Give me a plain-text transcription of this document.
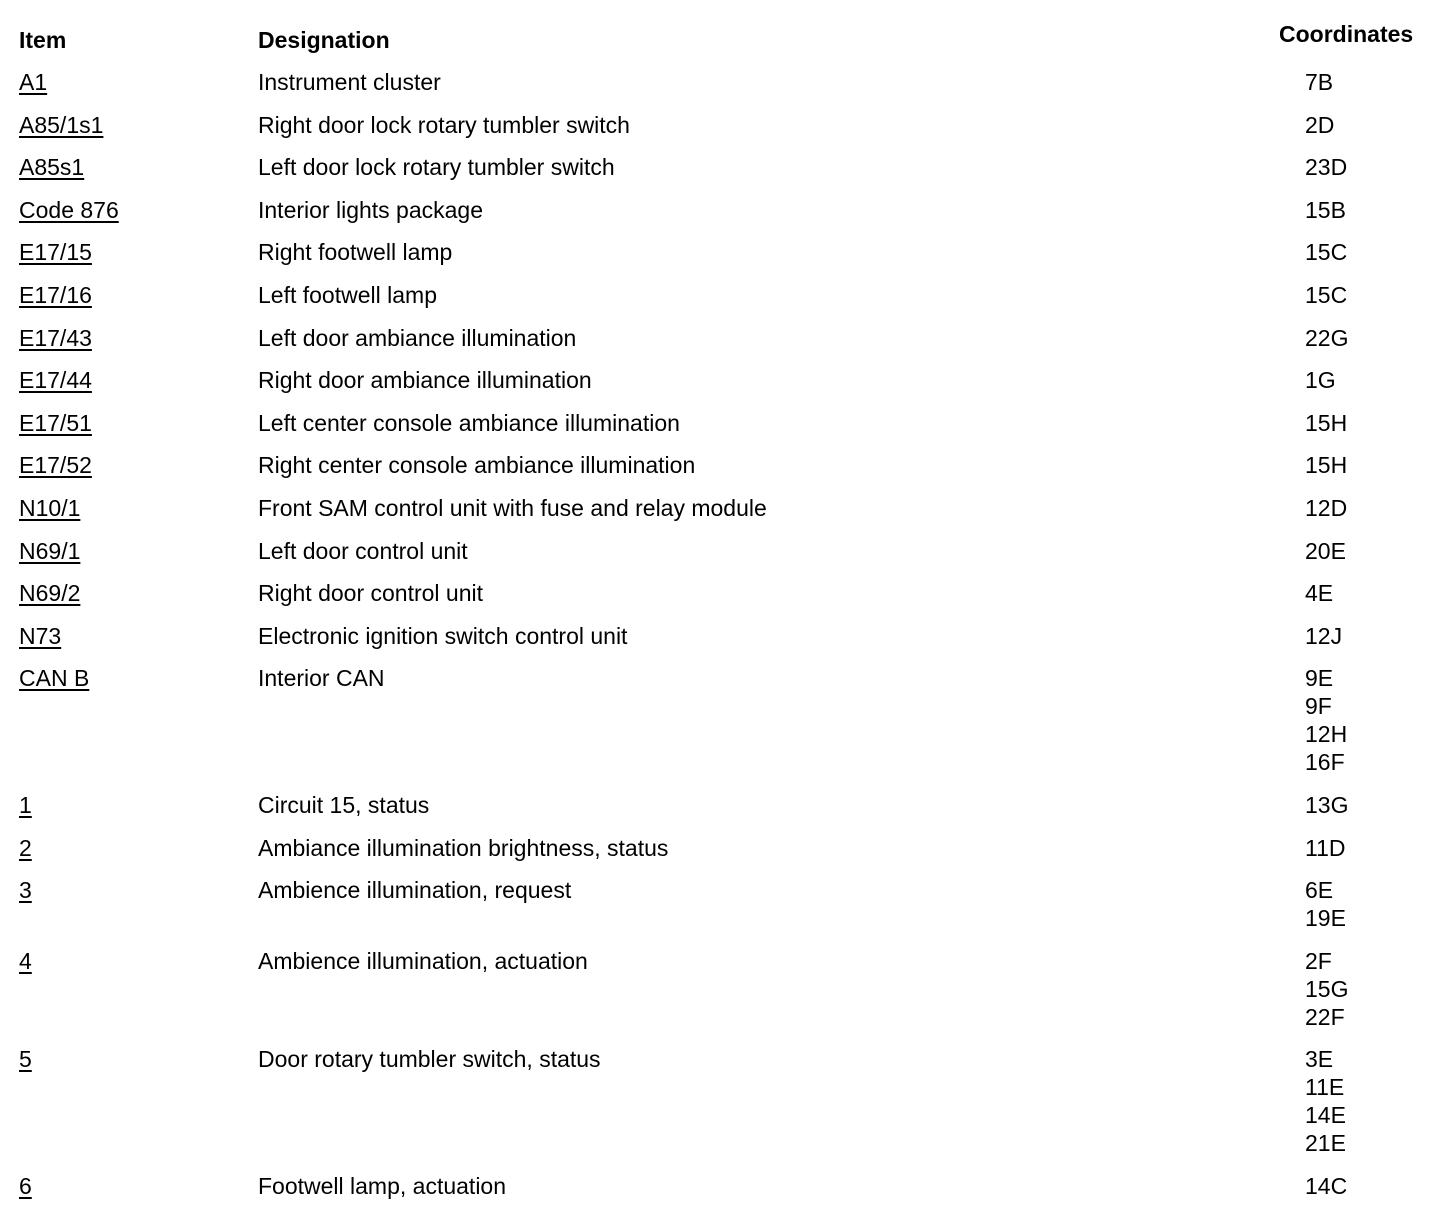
Item	Designation	Coordinates
A1	Instrument cluster	7B
A85/1s1	Right door lock rotary tumbler switch	2D
A85s1	Left door lock rotary tumbler switch	23D
Code 876	Interior lights package	15B
E17/15	Right footwell lamp	15C
E17/16	Left footwell lamp	15C
E17/43	Left door ambiance illumination	22G
E17/44	Right door ambiance illumination	1G
E17/51	Left center console ambiance illumination	15H
E17/52	Right center console ambiance illumination	15H
N10/1	Front SAM control unit with fuse and relay module	12D
N69/1	Left door control unit	20E
N69/2	Right door control unit	4E
N73	Electronic ignition switch control unit	12J
CAN B	Interior CAN	9E
9F
12H
16F
1	Circuit 15, status	13G
2	Ambiance illumination brightness, status	11D
3	Ambience illumination, request	6E
19E
4	Ambience illumination, actuation	2F
15G
22F
5	Door rotary tumbler switch, status	3E
11E
14E
21E
6	Footwell lamp, actuation	14C
